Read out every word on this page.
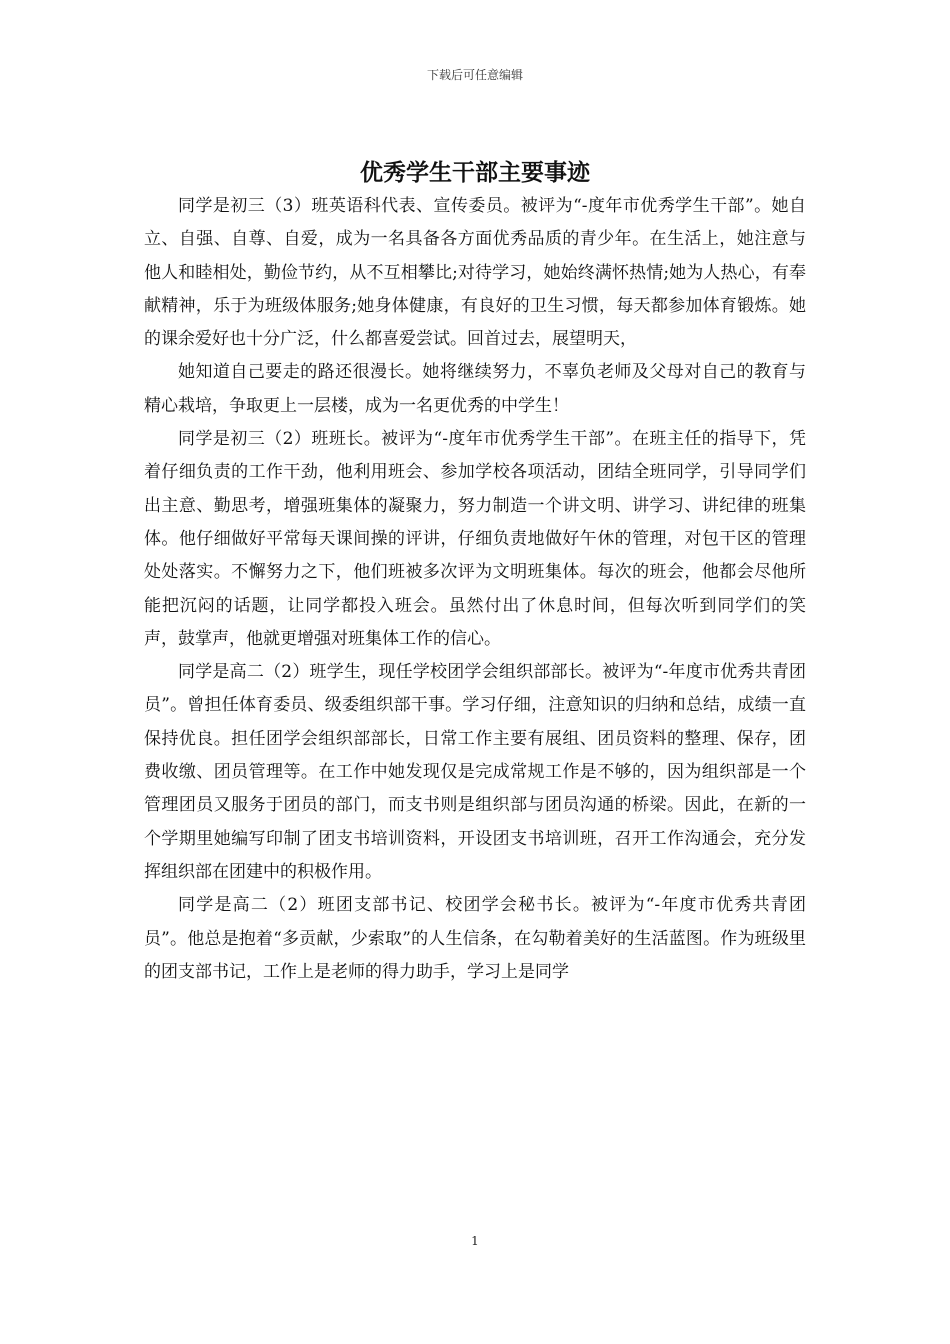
下载后可任意编辑
优秀学生干部主要事迹

同学是初三（3）班英语科代表、宣传委员。被评为“-度年市优秀学生干部”。她自立、自强、自尊、自爱，成为一名具备各方面优秀品质的青少年。在生活上，她注意与他人和睦相处，勤俭节约，从不互相攀比;对待学习，她始终满怀热情;她为人热心，有奉献精神，乐于为班级体服务;她身体健康，有良好的卫生习惯，每天都参加体育锻炼。她的课余爱好也十分广泛，什么都喜爱尝试。回首过去，展望明天，

她知道自己要走的路还很漫长。她将继续努力，不辜负老师及父母对自己的教育与精心栽培，争取更上一层楼，成为一名更优秀的中学生！

同学是初三（2）班班长。被评为“-度年市优秀学生干部”。在班主任的指导下，凭着仔细负责的工作干劲，他利用班会、参加学校各项活动，团结全班同学，引导同学们出主意、勤思考，增强班集体的凝聚力，努力制造一个讲文明、讲学习、讲纪律的班集体。他仔细做好平常每天课间操的评讲，仔细负责地做好午休的管理，对包干区的管理处处落实。不懈努力之下，他们班被多次评为文明班集体。每次的班会，他都会尽他所能把沉闷的话题，让同学都投入班会。虽然付出了休息时间，但每次听到同学们的笑声，鼓掌声，他就更增强对班集体工作的信心。

同学是高二（2）班学生，现任学校团学会组织部部长。被评为“-年度市优秀共青团员”。曾担任体育委员、级委组织部干事。学习仔细，注意知识的归纳和总结，成绩一直保持优良。担任团学会组织部部长，日常工作主要有展组、团员资料的整理、保存，团费收缴、团员管理等。在工作中她发现仅是完成常规工作是不够的，因为组织部是一个管理团员又服务于团员的部门，而支书则是组织部与团员沟通的桥梁。因此，在新的一个学期里她编写印制了团支书培训资料，开设团支书培训班，召开工作沟通会，充分发挥组织部在团建中的积极作用。

同学是高二（2）班团支部书记、校团学会秘书长。被评为“-年度市优秀共青团员”。他总是抱着“多贡献，少索取”的人生信条，在勾勒着美好的生活蓝图。作为班级里的团支部书记，工作上是老师的得力助手，学习上是同学

1
